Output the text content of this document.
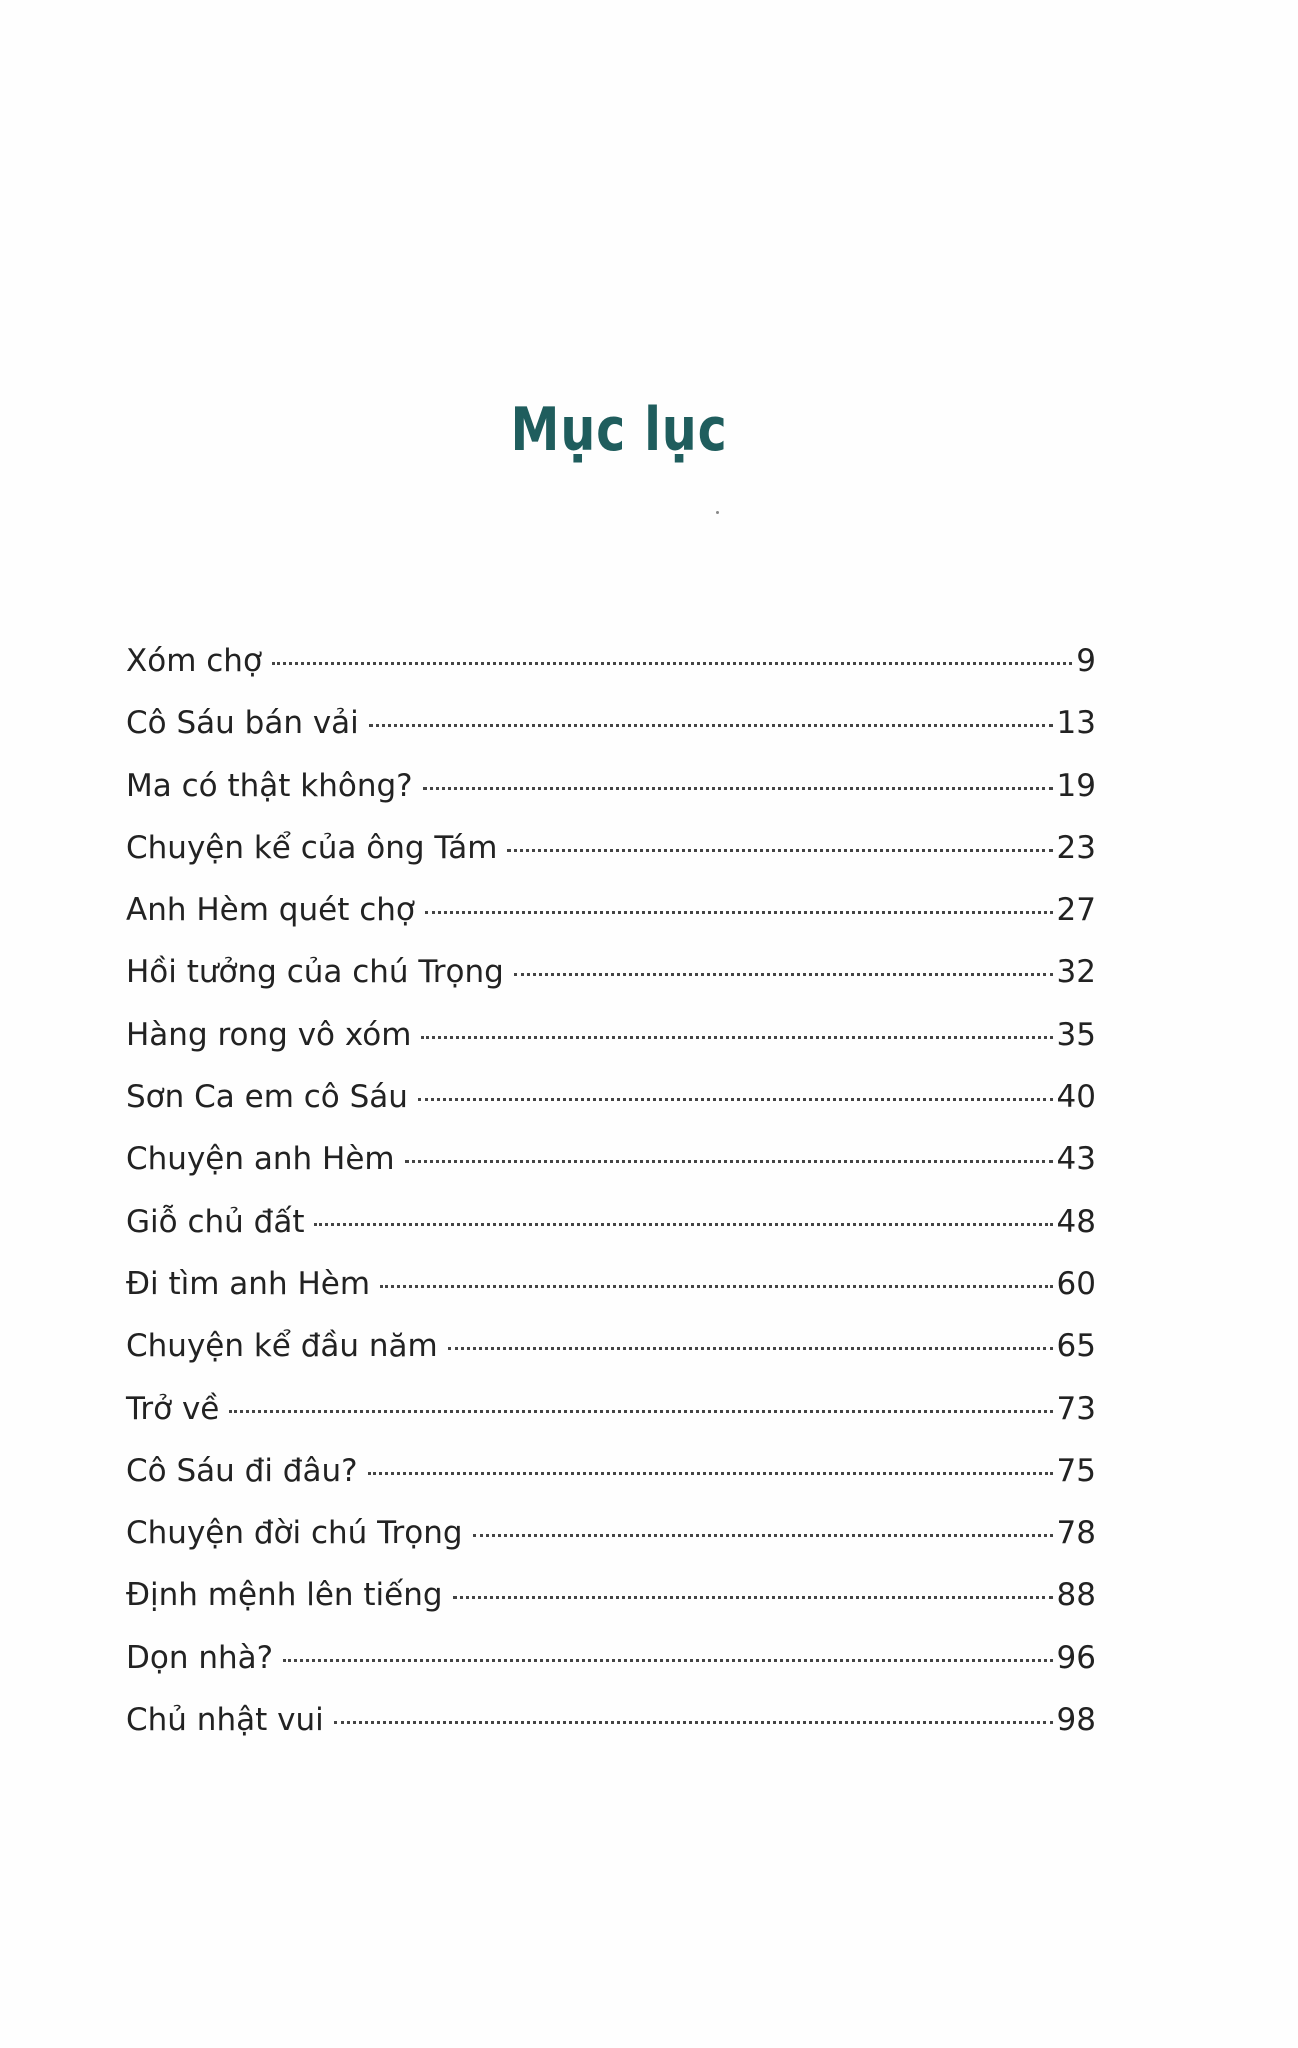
Mục lục
Xóm chợ	9
Cô Sáu bán vải	13
Ma có thật không?	19
Chuyện kể của ông Tám	23
Anh Hèm quét chợ	27
Hồi tưởng của chú Trọng	32
Hàng rong vô xóm	35
Sơn Ca em cô Sáu	40
Chuyện anh Hèm	43
Giỗ chủ đất	48
Đi tìm anh Hèm	60
Chuyện kể đầu năm	65
Trở về	73
Cô Sáu đi đâu?	75
Chuyện đời chú Trọng	78
Định mệnh lên tiếng	88
Dọn nhà?	96
Chủ nhật vui	98
